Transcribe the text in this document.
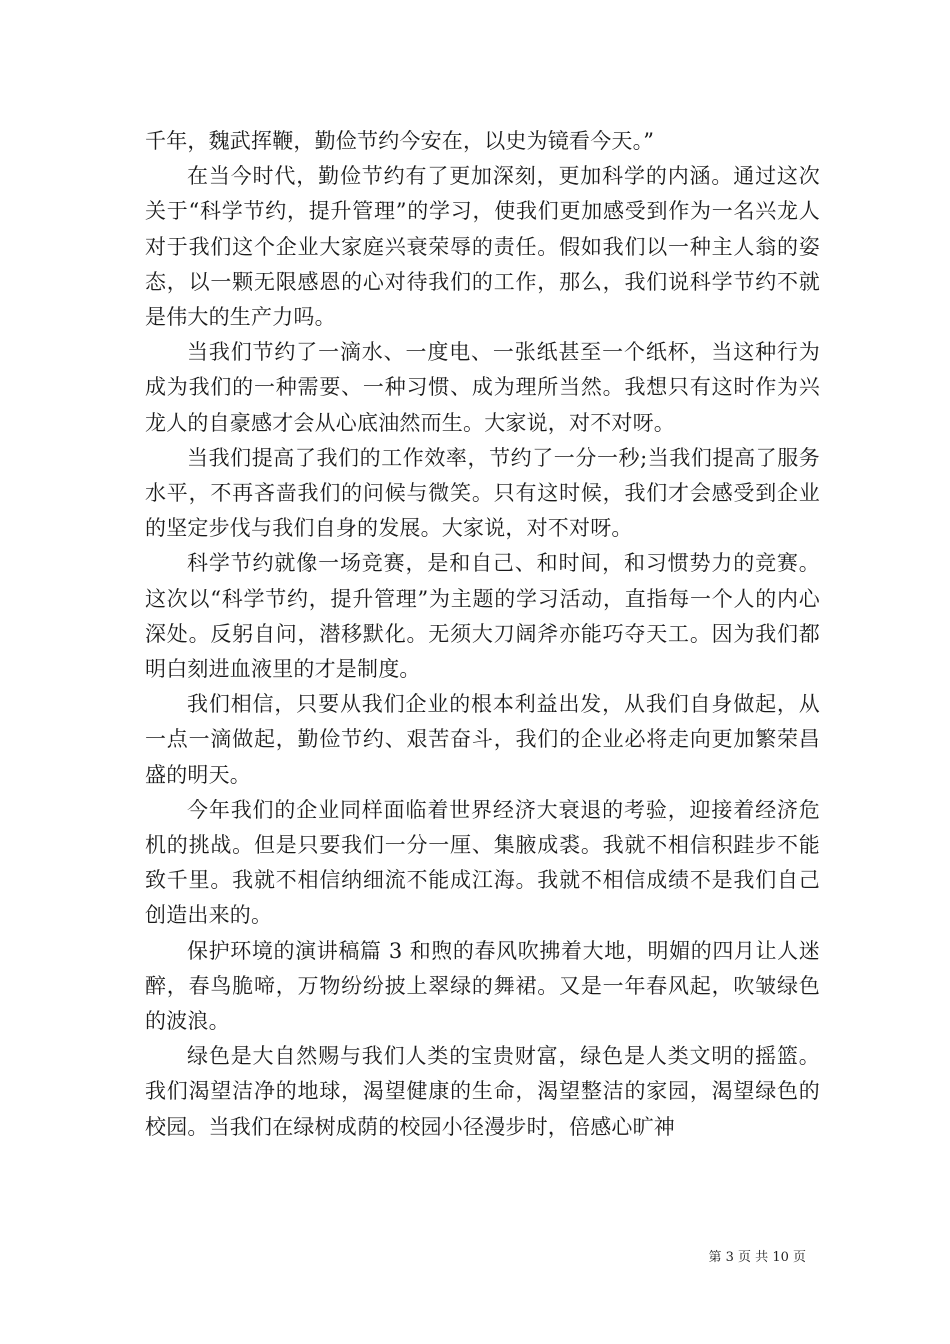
千年，魏武挥鞭，勤俭节约今安在，以史为镜看今天。”

在当今时代，勤俭节约有了更加深刻，更加科学的内涵。通过这次关于“科学节约，提升管理”的学习，使我们更加感受到作为一名兴龙人对于我们这个企业大家庭兴衰荣辱的责任。假如我们以一种主人翁的姿态，以一颗无限感恩的心对待我们的工作，那么，我们说科学节约不就是伟大的生产力吗。

当我们节约了一滴水、一度电、一张纸甚至一个纸杯，当这种行为成为我们的一种需要、一种习惯、成为理所当然。我想只有这时作为兴龙人的自豪感才会从心底油然而生。大家说，对不对呀。

当我们提高了我们的工作效率，节约了一分一秒;当我们提高了服务水平，不再吝啬我们的问候与微笑。只有这时候，我们才会感受到企业的坚定步伐与我们自身的发展。大家说，对不对呀。

科学节约就像一场竞赛，是和自己、和时间，和习惯势力的竞赛。这次以“科学节约，提升管理”为主题的学习活动，直指每一个人的内心深处。反躬自问，潜移默化。无须大刀阔斧亦能巧夺天工。因为我们都明白刻进血液里的才是制度。

我们相信，只要从我们企业的根本利益出发，从我们自身做起，从一点一滴做起，勤俭节约、艰苦奋斗，我们的企业必将走向更加繁荣昌盛的明天。

今年我们的企业同样面临着世界经济大衰退的考验，迎接着经济危机的挑战。但是只要我们一分一厘、集腋成裘。我就不相信积跬步不能致千里。我就不相信纳细流不能成江海。我就不相信成绩不是我们自己创造出来的。

保护环境的演讲稿篇 3 和煦的春风吹拂着大地，明媚的四月让人迷醉，春鸟脆啼，万物纷纷披上翠绿的舞裙。又是一年春风起，吹皱绿色的波浪。

绿色是大自然赐与我们人类的宝贵财富，绿色是人类文明的摇篮。我们渴望洁净的地球，渴望健康的生命，渴望整洁的家园，渴望绿色的校园。当我们在绿树成荫的校园小径漫步时，倍感心旷神

第 3 页 共 10 页
